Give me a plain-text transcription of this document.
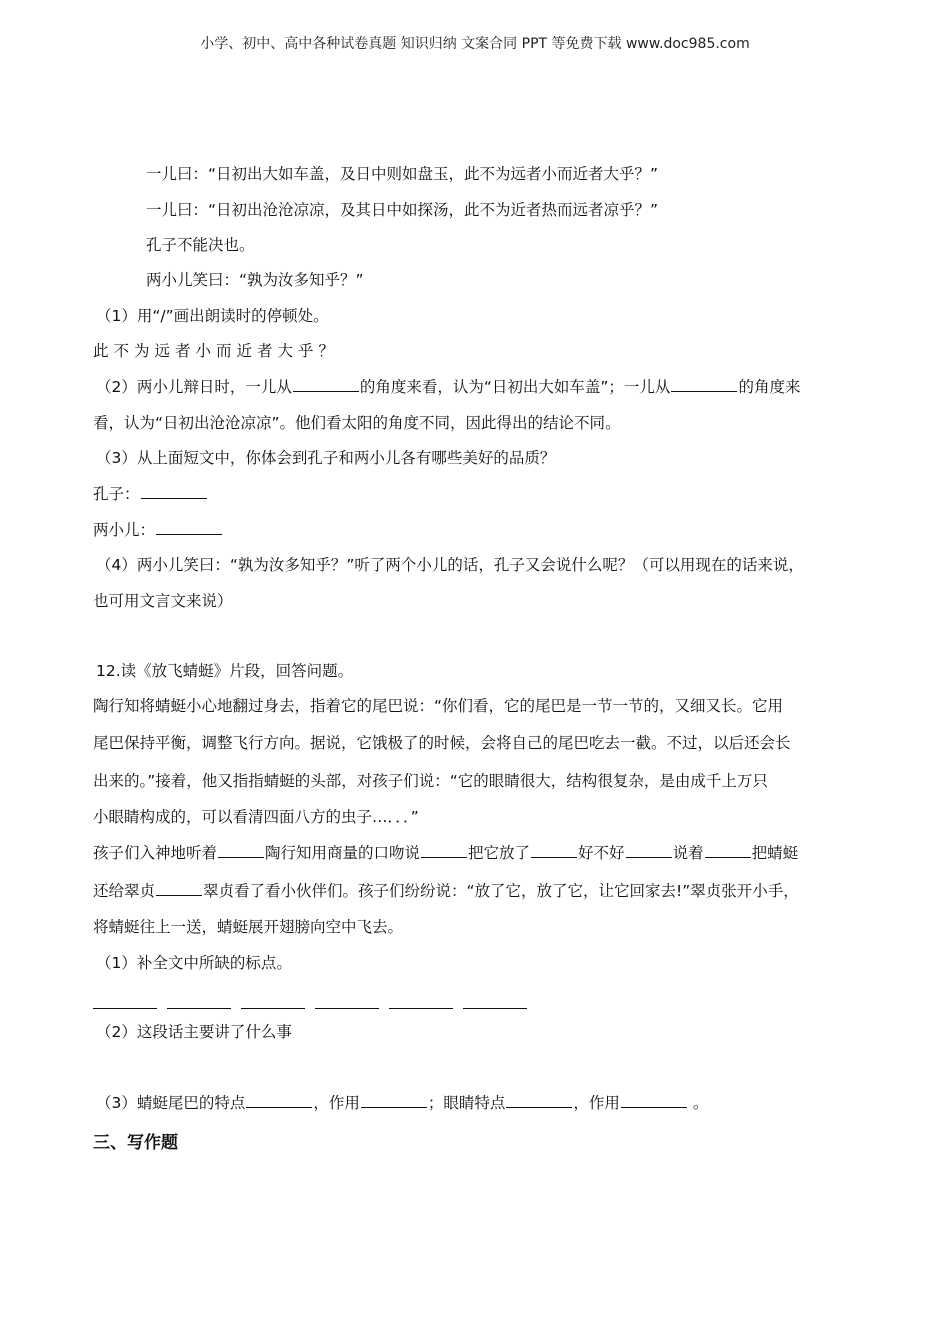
小学、初中、高中各种试卷真题 知识归纳 文案合同 PPT 等免费下载 www.doc985.com
一儿曰：“日初出大如车盖，及日中则如盘玉，此不为远者小而近者大乎？”
一儿曰：“日初出沧沧凉凉，及其日中如探汤，此不为近者热而远者凉乎？”
孔子不能决也。
两小儿笑曰：“孰为汝多知乎？”
（1）用“/”画出朗读时的停顿处。
此不为远者小而近者大乎？
（2）两小儿辩日时，一儿从	的角度来看，认为“日初出大如车盖”；一儿从	的角度来
看，认为“日初出沧沧凉凉”。他们看太阳的角度不同，因此得出的结论不同。
（3）从上面短文中，你体会到孔子和两小儿各有哪些美好的品质？
孔子：
两小儿：
（4）两小儿笑曰：“孰为汝多知乎？”听了两个小儿的话，孔子又会说什么呢？（可以用现在的话来说，
也可用文言文来说）
12.读《放飞蜻蜓》片段，回答问题。
陶行知将蜻蜓小心地翻过身去，指着它的尾巴说：“你们看，它的尾巴是一节一节的，又细又长。它用
尾巴保持平衡，调整飞行方向。据说，它饿极了的时候，会将自己的尾巴吃去一截。不过，以后还会长
出来的。”接着，他又指指蜻蜓的头部，对孩子们说：“它的眼睛很大，结构很复杂，是由成千上万只
小眼睛构成的，可以看清四面八方的虫子…．．．”
孩子们入神地听着	陶行知用商量的口吻说	把它放了	好不好	说着	把蜻蜓
还给翠贞	翠贞看了看小伙伴们。孩子们纷纷说：“放了它，放了它，让它回家去!”翠贞张开小手，
将蜻蜓往上一送，蜻蜓展开翅膀向空中飞去。
（1）补全文中所缺的标点。
（2）这段话主要讲了什么事
（3）蜻蜓尾巴的特点	，作用	；眼睛特点	，作用	。
三、写作题
